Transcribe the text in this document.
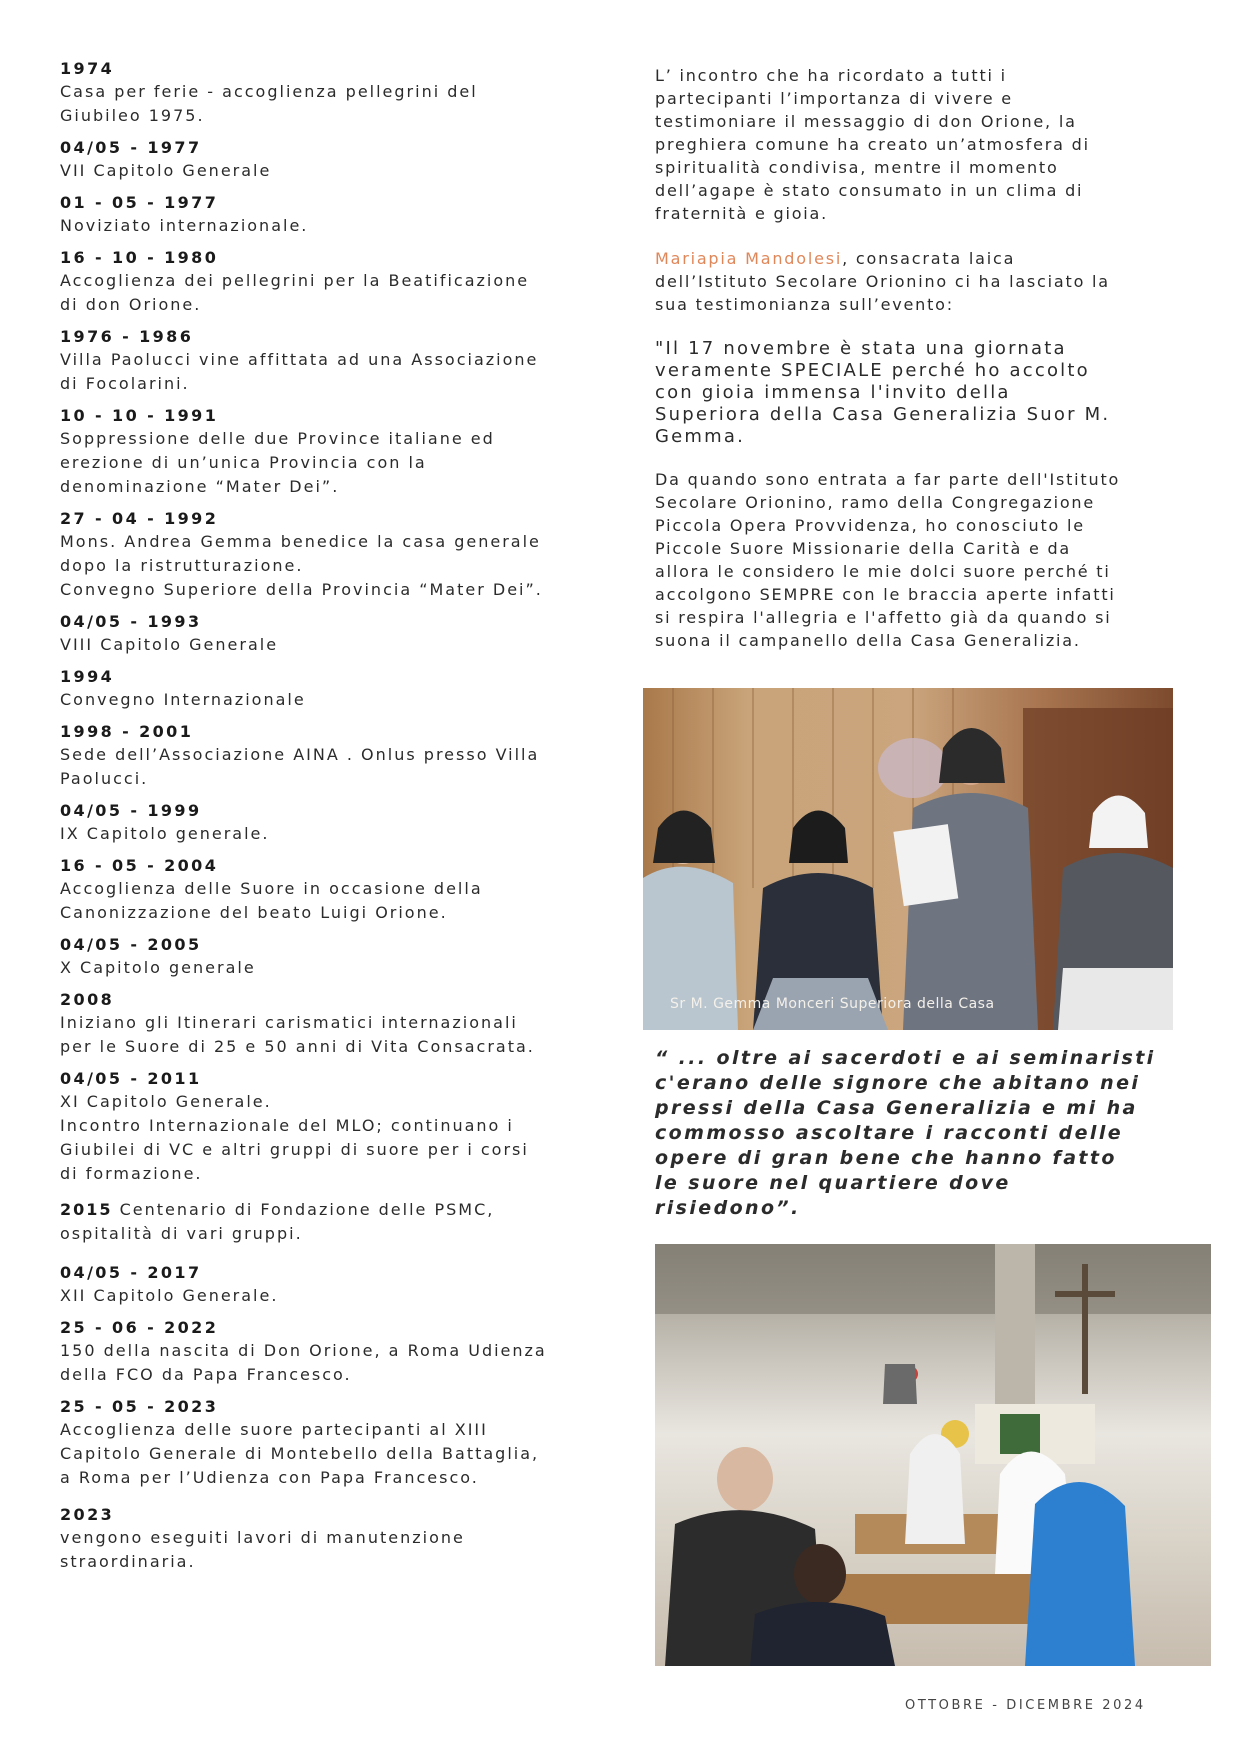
1974
Casa per ferie - accoglienza pellegrini del
Giubileo 1975.
04/05 - 1977
VII Capitolo Generale
01 - 05 - 1977
Noviziato internazionale.
16 - 10 - 1980
Accoglienza dei pellegrini per la Beatificazione
di don Orione.
1976 - 1986
Villa Paolucci vine affittata ad una Associazione
di Focolarini.
10 - 10 - 1991
Soppressione delle due Province italiane ed
erezione di un’unica Provincia con la
denominazione “Mater Dei”.
27 - 04 - 1992
Mons. Andrea Gemma benedice la casa generale
dopo la ristrutturazione.
Convegno Superiore della Provincia “Mater Dei”.
04/05 - 1993
VIII Capitolo Generale
1994
Convegno Internazionale
1998 - 2001
Sede dell’Associazione AINA . Onlus presso Villa
Paolucci.
04/05 - 1999
IX Capitolo generale.
16 - 05 - 2004
Accoglienza delle Suore in occasione della
Canonizzazione del beato Luigi Orione.
04/05 - 2005
X Capitolo generale
2008
Iniziano gli Itinerari carismatici internazionali
per le Suore di 25 e 50 anni di Vita Consacrata.
04/05 - 2011
XI Capitolo Generale.
Incontro Internazionale del MLO; continuano i
Giubilei di VC e altri gruppi di suore per i corsi
di formazione.
2015 Centenario di Fondazione delle PSMC,
ospitalità di vari gruppi.
04/05 - 2017
XII Capitolo Generale.
25 - 06 - 2022
150 della nascita di Don Orione, a Roma Udienza
della FCO da Papa Francesco.
25 - 05 - 2023
Accoglienza delle suore partecipanti al XIII
Capitolo Generale di Montebello della Battaglia,
a Roma per l’Udienza con Papa Francesco.
2023
vengono eseguiti lavori di manutenzione
straordinaria.

L’ incontro che ha ricordato a tutti i
partecipanti l’importanza di vivere e
testimoniare il messaggio di don Orione, la
preghiera comune ha creato un’atmosfera di
spiritualità condivisa, mentre il momento
dell’agape è stato consumato in un clima di
fraternità e gioia.

Mariapia Mandolesi, consacrata laica
dell’Istituto Secolare Orionino ci ha lasciato la
sua testimonianza sull’evento:

"Il 17 novembre è stata una giornata
veramente SPECIALE perché ho accolto
con gioia immensa l'invito della
Superiora della Casa Generalizia Suor M.
Gemma.

Da quando sono entrata a far parte dell'Istituto
Secolare Orionino, ramo della Congregazione
Piccola Opera Provvidenza, ho conosciuto le
Piccole Suore Missionarie della Carità e da
allora le considero le mie dolci suore perché ti
accolgono SEMPRE con le braccia aperte infatti
si respira l'allegria e l'affetto già da quando si
suona il campanello della Casa Generalizia.

Sr M. Gemma Monceri Superiora della Casa

“ ... oltre ai sacerdoti e ai seminaristi
c'erano delle signore che abitano nei
pressi della Casa Generalizia e mi ha
commosso ascoltare i racconti delle
opere di gran bene che hanno fatto
le suore nel quartiere dove
risiedono”.

OTTOBRE - DICEMBRE 2024
